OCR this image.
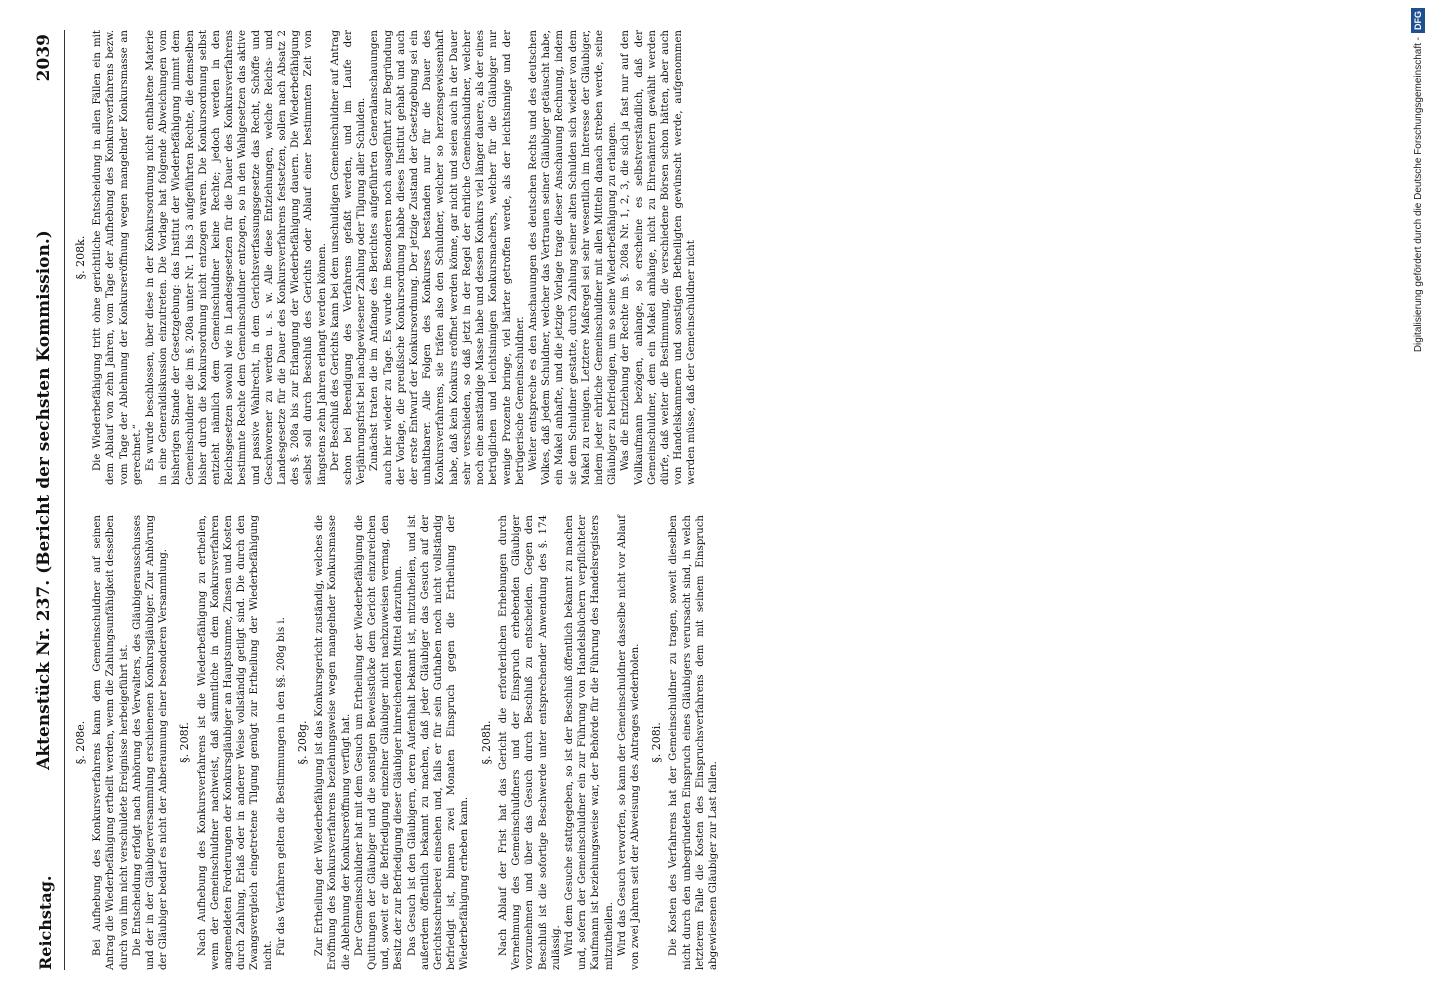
Reichstag.
Aktenstück Nr. 237. (Bericht der sechsten Kommission.)
2039
§. 208e. Bei Aufhebung des Konkursverfahrens kann dem Gemeinschuldner auf seinen Antrag die Wiederbefähigung ertheilt werden, wenn die Zahlungsunfähigkeit desselben durch von ihm nicht verschuldete Ereignisse herbeigeführt ist. Die Entscheidung erfolgt nach Anhörung des Verwalters, des Gläubigerausschusses und der in der Gläubigerversammlung erschienenen Konkursgläubiger. Zur Anhörung der Gläubiger bedarf es nicht der Anberaumung einer besonderen Versammlung. §. 208f. Nach Aufhebung des Konkursverfahrens ist die Wiederbefähigung zu ertheilen, wenn der Gemeinschuldner nachweist, daß sämmtliche in dem Konkursverfahren angemeldeten Forderungen der Konkursgläubiger an Hauptsumme, Zinsen und Kosten durch Zahlung, Erlaß oder in anderer Weise vollständig getilgt sind. Die durch den Zwangsvergleich eingetretene Tilgung genügt zur Ertheilung der Wiederbefähigung nicht. Für das Verfahren gelten die Bestimmungen in den §§. 208g bis i. §. 208g. Zur Ertheilung der Wiederbefähigung ist das Konkursgericht zuständig, welches die Eröffnung des Konkursverfahrens beziehungsweise wegen mangelnder Konkursmasse die Ablehnung der Konkurseröffnung verfügt hat. Der Gemeinschuldner hat mit dem Gesuch um Ertheilung der Wiederbefähigung die Quittungen der Gläubiger und die sonstigen Beweisstücke dem Gericht einzureichen und, soweit er die Befriedigung einzelner Gläubiger nicht nachzuweisen vermag, den Besitz der zur Befriedigung dieser Gläubiger hinreichenden Mittel darzuthun. Das Gesuch ist den Gläubigern, deren Aufenthalt bekannt ist, mitzutheilen, und ist außerdem öffentlich bekannt zu machen, daß jeder Gläubiger das Gesuch auf der Gerichtsschreiberei einsehen und, falls er für sein Guthaben noch nicht vollständig befriedigt ist, binnen zwei Monaten Einspruch gegen die Ertheilung der Wiederbefähigung erheben kann.

§. 208h. Nach Ablauf der Frist hat das Gericht die erforderlichen Erhebungen durch Vernehmung des Gemeinschuldners und der Einspruch erhebenden Gläubiger vorzunehmen und über das Gesuch durch Beschluß zu entscheiden. Gegen den Beschluß ist die sofortige Beschwerde unter entsprechender Anwendung des §. 174 zulässig. Wird dem Gesuche stattgegeben, so ist der Beschluß öffentlich bekannt zu machen und, sofern der Gemeinschuldner ein zur Führung von Handelsbüchern verpflichteter Kaufmann ist beziehungsweise war, der Behörde für die Führung des Handelsregisters mitzutheilen. Wird das Gesuch verworfen, so kann der Gemeinschuldner dasselbe nicht vor Ablauf von zwei Jahren seit der Abweisung des Antrages wiederholen. §. 208i. Die Kosten des Verfahrens hat der Gemeinschuldner zu tragen, soweit dieselben nicht durch den unbegründeten Einspruch eines Gläubigers verursacht sind, in welch letzterem Falle die Kosten des Einspruchsverfahrens dem mit seinem Einspruch abgewiesenen Gläubiger zur Last fallen.

§. 208k. Die Wiederbefähigung tritt ohne gerichtliche Entscheidung in allen Fällen ein mit dem Ablauf von zehn Jahren, vom Tage der Aufhebung des Konkursverfahrens bezw. vom Tage der Ablehnung der Konkurseröffnung wegen mangelnder Konkursmasse an gerechnet.“ Es wurde beschlossen, über diese in der Konkursordnung nicht enthaltene Materie in eine Generaldiskussion einzutreten. Die Vorlage hat folgende Abweichungen vom bisherigen Stande der Gesetzgebung: das Institut der Wiederbefähigung nimmt dem Gemeinschuldner die im §. 208a unter Nr. 1 bis 3 aufgeführten Rechte, die demselben bisher durch die Konkursordnung nicht entzogen waren. Die Konkursordnung selbst entzieht nämlich dem Gemeinschuldner keine Rechte; jedoch werden in den Reichsgesetzen sowohl wie in Landesgesetzen für die Dauer des Konkursverfahrens bestimmte Rechte dem Gemeinschuldner entzogen, so in den Wahlgesetzen das aktive und passive Wahlrecht, in dem Gerichtsverfassungsgesetze das Recht, Schöffe und Geschworener zu werden u. s. w. Alle diese Entziehungen, welche Reichs- und Landesgesetze für die Dauer des Konkursverfahrens festsetzen, sollen nach Absatz 2 des §. 208a bis zur Erlangung der Wiederbefähigung dauern. Die Wiederbefähigung selbst soll durch Beschluß des Gerichts oder Ablauf einer bestimmten Zeit von längstens zehn Jahren erlangt werden können. Der Beschluß des Gerichts kann bei dem unschuldigen Gemeinschuldner auf Antrag schon bei Beendigung des Verfahrens gefaßt werden, und im Laufe der Verjährungsfrist bei nachgewiesener Zahlung oder Tilgung aller Schulden. Zunächst traten die im Anfange des Berichtes aufgeführten Generalanschauungen auch hier wieder zu Tage. Es wurde im Besonderen noch ausgeführt zur Begründung der Vorlage, die preußische Konkursordnung habbe dieses Institut gehabt und auch der erste Entwurf der Konkursordnung. Der jetzige Zustand der Gesetzgebung sei ein unhaltbarer. Alle Folgen des Konkurses bestanden nur für die Dauer des Konkursverfahrens, sie träfen also den Schuldner, welcher so herzensgewissenhaft habe, daß kein Konkurs eröffnet werden könne, gar nicht und seien auch in der Dauer sehr verschieden, so daß jetzt in der Regel der ehrliche Gemeinschuldner, welcher noch eine anständige Masse habe und dessen Konkurs viel länger dauere, als der eines betrüglichen und leichtsinnigen Konkursmachers, welcher für die Gläubiger nur wenige Prozente bringe, viel härter getroffen werde, als der leichtsinnige und der betrügerische Gemeinschuldner. Weiter entspreche es den Anschauungen des deutschen Rechts und des deutschen Volkes, daß jedem Schuldner, welcher das Vertrauen seiner Gläubiger getäuscht habe, ein Makel anhafte, und die jetzige Vorlage trage dieser Anschauung Rechnung, indem sie dem Schuldner gestatte, durch Zahlung seiner alten Schulden sich wieder von dem Makel zu reinigen. Letztere Maßregel sei sehr wesentlich im Interesse der Gläubiger, indem jeder ehrliche Gemeinschuldner mit allen Mitteln danach streben werde, seine Gläubiger zu befriedigen, um so seine Wiederbefähigung zu erlangen. Was die Entziehung der Rechte im §. 208a Nr. 1, 2, 3, die sich ja fast nur auf den Vollkaufmann bezögen, anlange, so erscheine es selbstverständlich, daß der Gemeinschuldner, dem ein Makel anhänge, nicht zu Ehrenämtern gewählt werden dürfe, daß weiter die Bestimmung, die verschiedene Börsen schon hätten, aber auch von Handelskammern und sonstigen Betheiligten gewünscht werde, aufgenommen werden müsse, daß der Gemeinschuldner nicht

Digitalisierung gefördert durch die Deutsche Forschungsgemeinschaft -DFG
